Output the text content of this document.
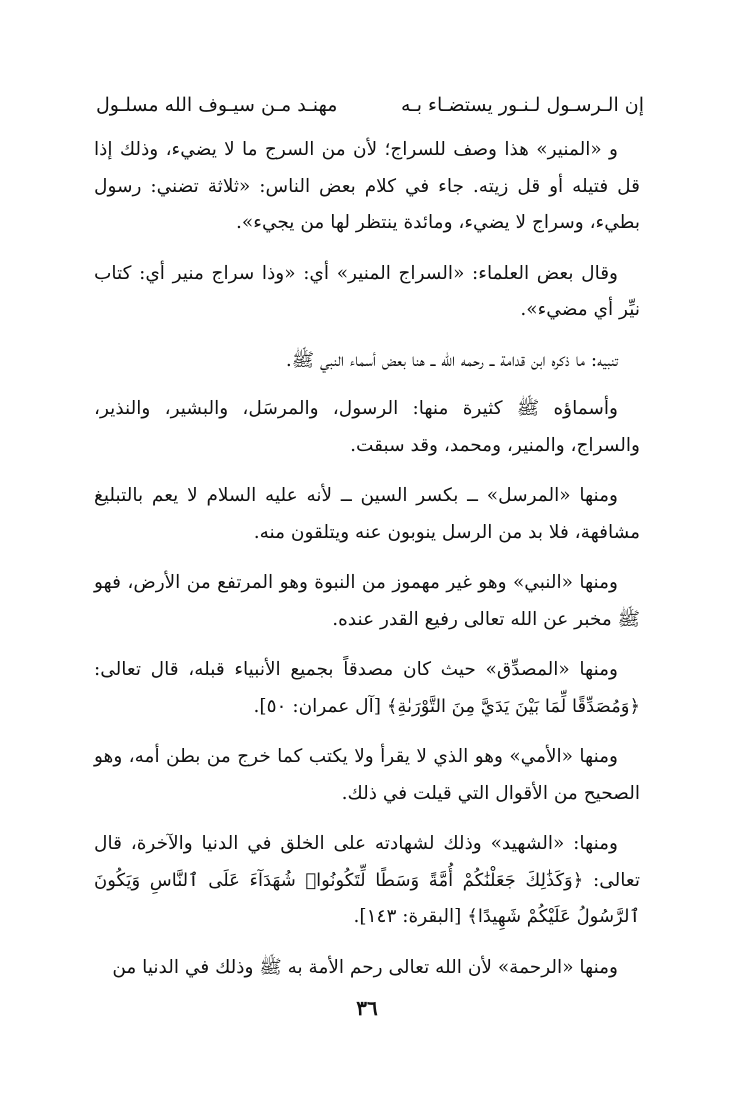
إن الـرسـول لـنـور يستضـاء بـه
مهنـد مـن سيـوف الله مسلـول

و «المنير» هذا وصف للسراج؛ لأن من السرج ما لا يضيء، وذلك إذا قل فتيله أو قل زيته. جاء في كلام بعض الناس: «ثلاثة تضني: رسول بطيء، وسراج لا يضيء، ومائدة ينتظر لها من يجيء».

وقال بعض العلماء: «السراج المنير» أي: «وذا سراج منير أي: كتاب نيِّر أي مضيء».

تنبيه: ما ذكره ابن قدامة ــ رحمه الله ــ هنا بعض أسماء النبي ﷺ.

وأسماؤه ﷺ كثيرة منها: الرسول، والمرسَل، والبشير، والنذير، والسراج، والمنير، ومحمد، وقد سبقت.

ومنها «المرسل» ــ بكسر السين ــ لأنه عليه السلام لا يعم بالتبليغ مشافهة، فلا بد من الرسل ينوبون عنه ويتلقون منه.

ومنها «النبي» وهو غير مهموز من النبوة وهو المرتفع من الأرض، فهو ﷺ مخبر عن الله تعالى رفيع القدر عنده.

ومنها «المصدِّق» حيث كان مصدقاً بجميع الأنبياء قبله، قال تعالى: ﴿وَمُصَدِّقًا لِّمَا بَيْنَ يَدَيَّ مِنَ التَّوْرَىٰةِ﴾ [آل عمران: ٥٠].

ومنها «الأمي» وهو الذي لا يقرأ ولا يكتب كما خرج من بطن أمه، وهو الصحيح من الأقوال التي قيلت في ذلك.

ومنها: «الشهيد» وذلك لشهادته على الخلق في الدنيا والآخرة، قال تعالى: ﴿وَكَذَٰلِكَ جَعَلْنَٰكُمْ أُمَّةً وَسَطًا لِّتَكُونُوا۟ شُهَدَآءَ عَلَى ٱلنَّاسِ وَيَكُونَ ٱلرَّسُولُ عَلَيْكُمْ شَهِيدًا﴾ [البقرة: ١٤٣].

ومنها «الرحمة» لأن الله تعالى رحم الأمة به ﷺ وذلك في الدنيا من

٣٦
